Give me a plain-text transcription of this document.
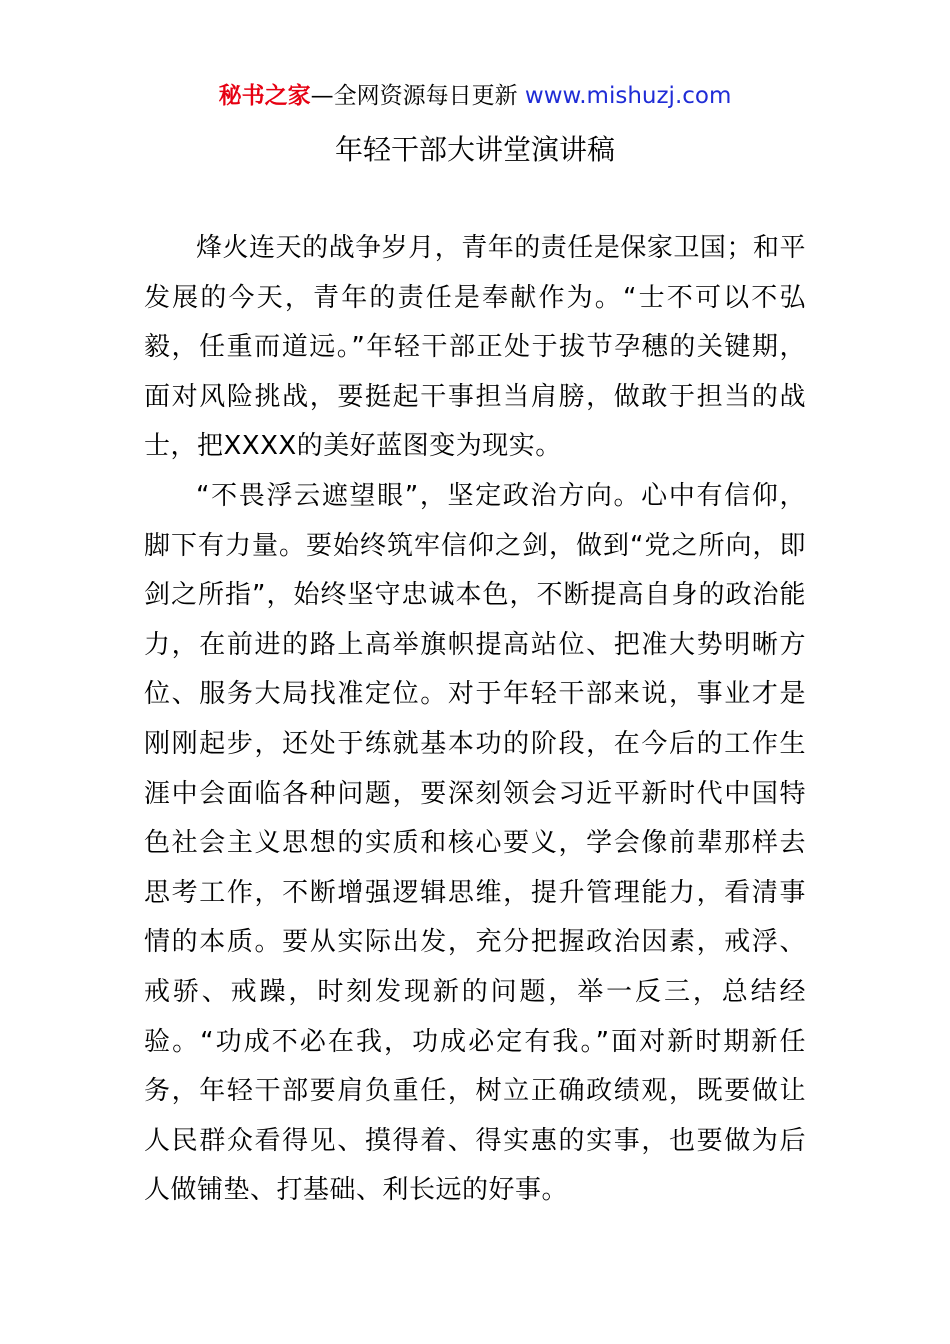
秘书之家—全网资源每日更新 www.mishuzj.com
年轻干部大讲堂演讲稿

烽火连天的战争岁月，青年的责任是保家卫国；和平发展的今天，青年的责任是奉献作为。“士不可以不弘毅，任重而道远。”年轻干部正处于拔节孕穗的关键期，面对风险挑战，要挺起干事担当肩膀，做敢于担当的战士，把XXXX的美好蓝图变为现实。

“不畏浮云遮望眼”，坚定政治方向。心中有信仰，脚下有力量。要始终筑牢信仰之剑，做到“党之所向，即剑之所指”，始终坚守忠诚本色，不断提高自身的政治能力，在前进的路上高举旗帜提高站位、把准大势明晰方位、服务大局找准定位。对于年轻干部来说，事业才是刚刚起步，还处于练就基本功的阶段，在今后的工作生涯中会面临各种问题，要深刻领会习近平新时代中国特色社会主义思想的实质和核心要义，学会像前辈那样去思考工作，不断增强逻辑思维，提升管理能力，看清事情的本质。要从实际出发，充分把握政治因素，戒浮、戒骄、戒躁，时刻发现新的问题，举一反三，总结经验。“功成不必在我，功成必定有我。”面对新时期新任务，年轻干部要肩负重任，树立正确政绩观，既要做让人民群众看得见、摸得着、得实惠的实事，也要做为后人做铺垫、打基础、利长远的好事。
